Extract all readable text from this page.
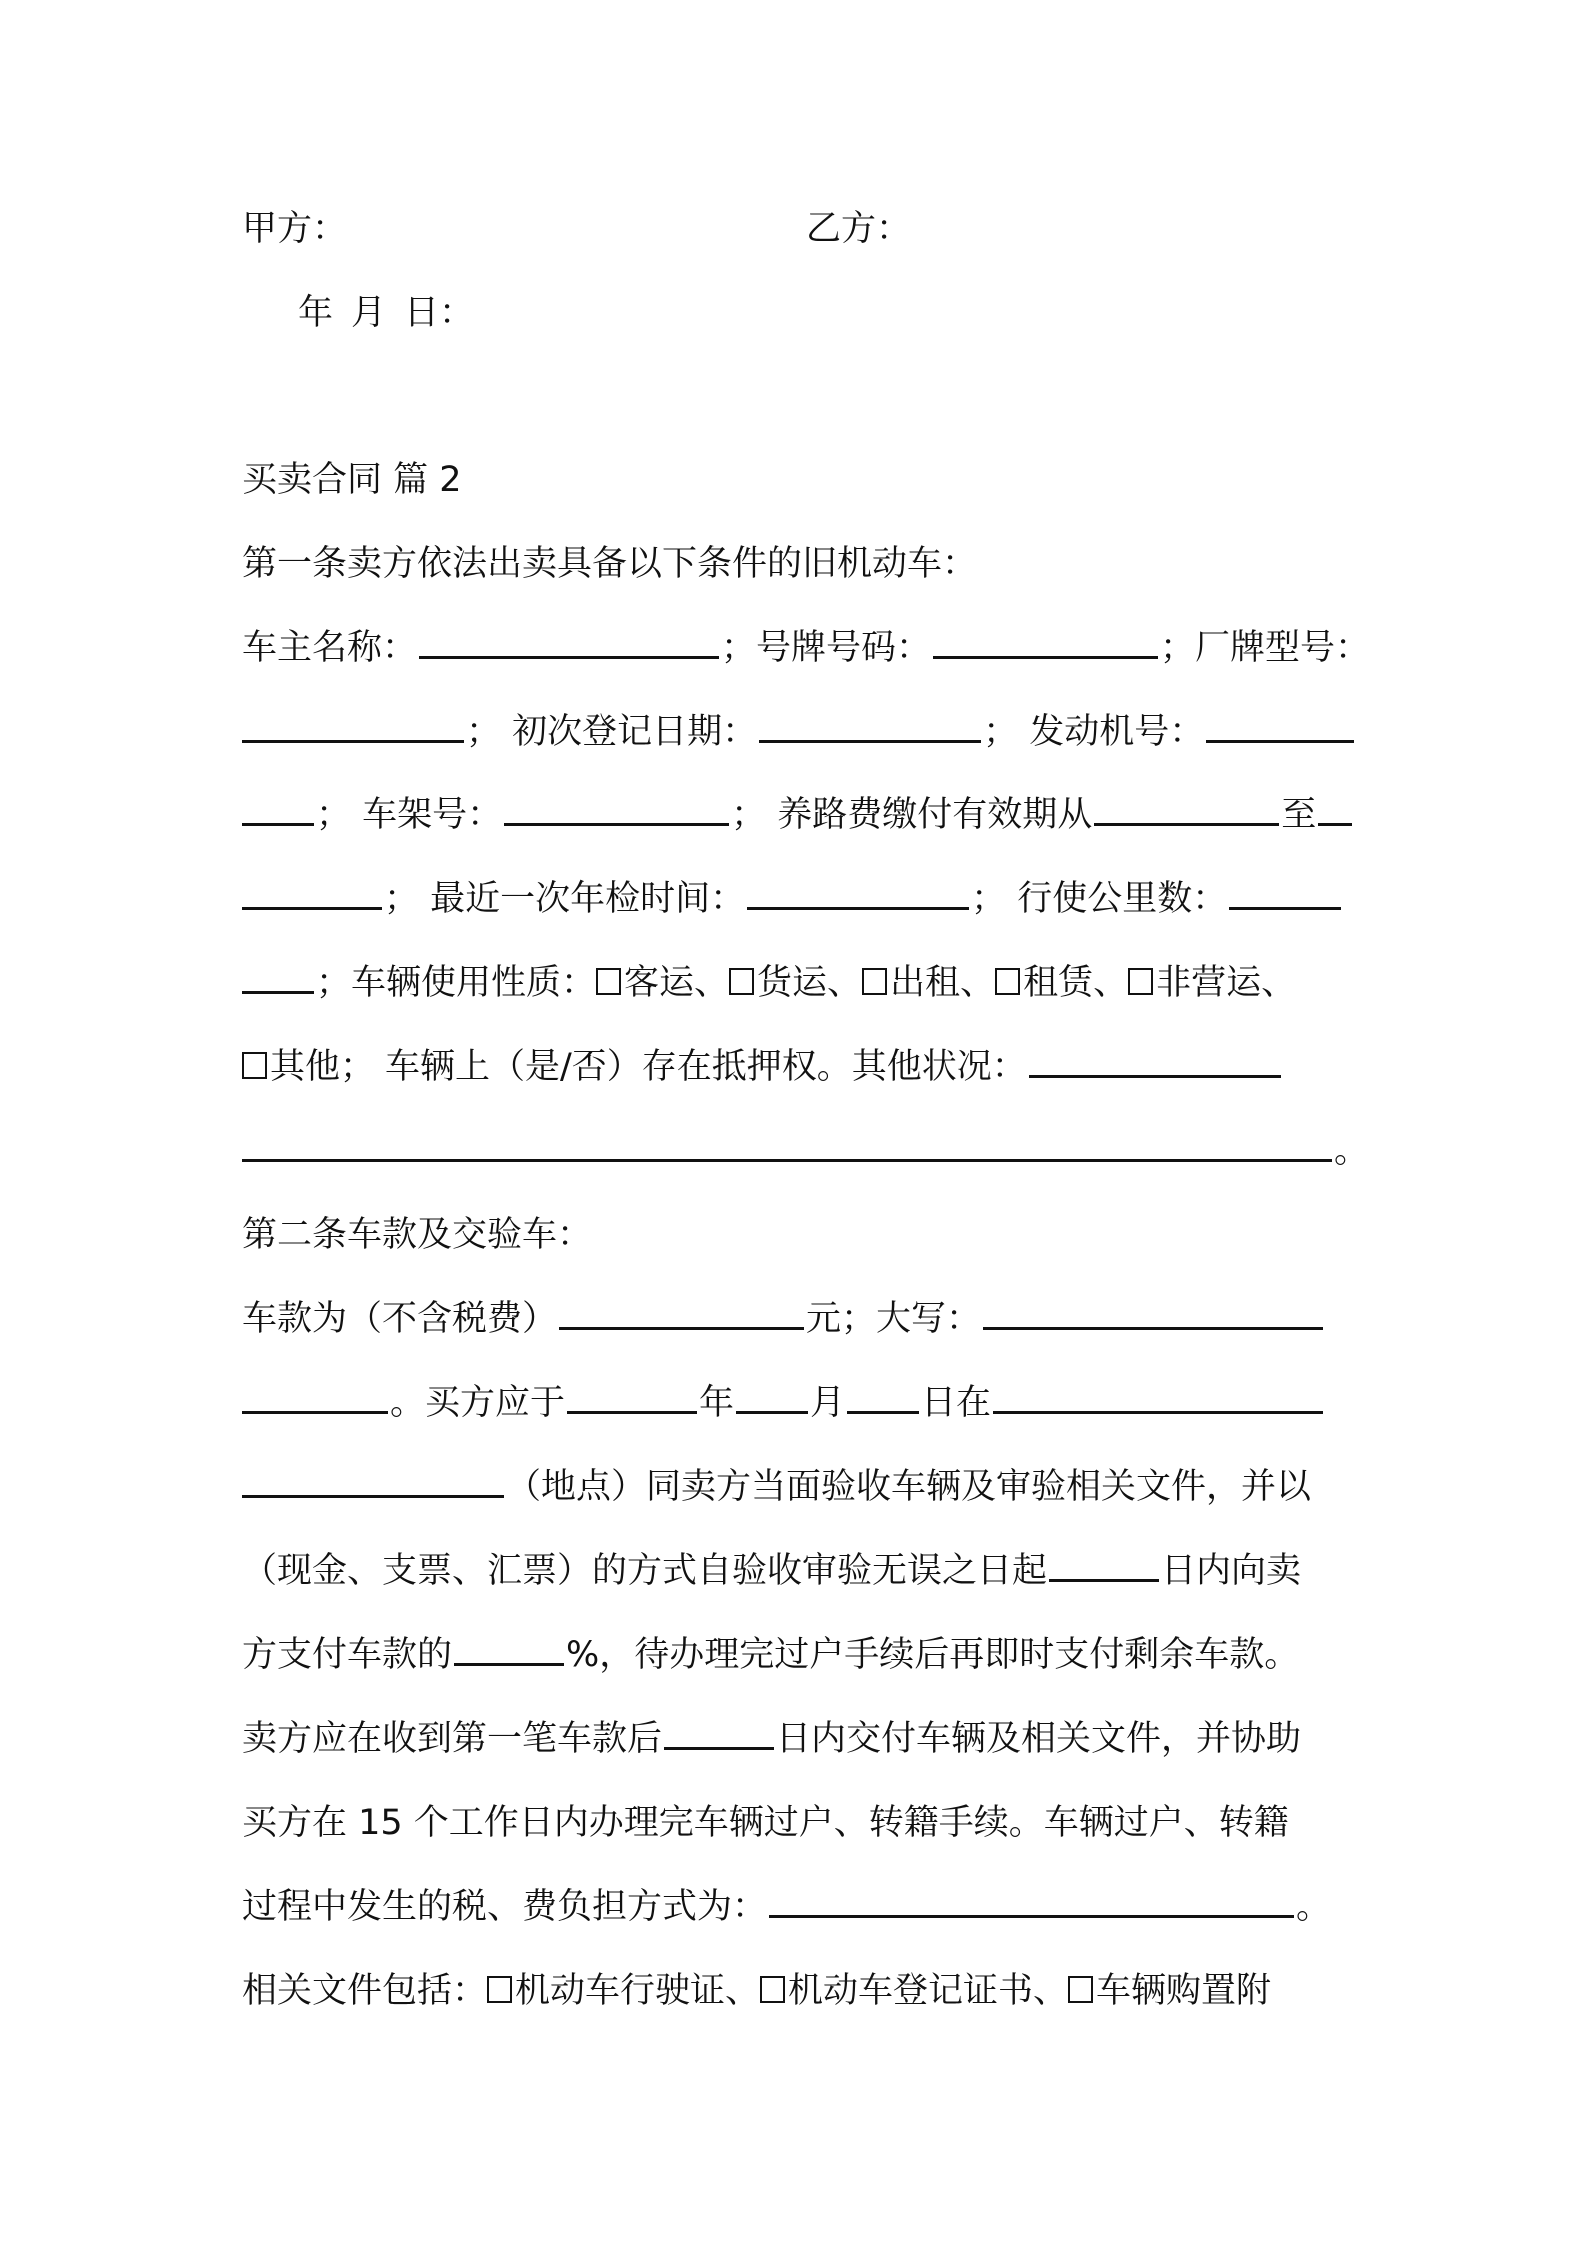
甲方：	乙方：
年 月 日：
买卖合同 篇 2
第一条卖方依法出卖具备以下条件的旧机动车：
车主名称：	；号牌号码：	；厂牌型号：
； 初次登记日期：	； 发动机号：
； 车架号：	； 养路费缴付有效期从	至
； 最近一次年检时间：	； 行使公里数：
；车辆使用性质： 客运、 货运、 出租、 租赁、 非营运、
其他； 车辆上（是/否）存在抵押权。其他状况：
。
第二条车款及交验车：
车款为（不含税费）	元；大写：
。买方应于	年 月 日在
（地点）同卖方当面验收车辆及审验相关文件，并以
（现金、支票、汇票）的方式自验收审验无误之日起	日内向卖
方支付车款的	%，待办理完过户手续后再即时支付剩余车款。
卖方应在收到第一笔车款后	日内交付车辆及相关文件，并协助
买方在 15 个工作日内办理完车辆过户、转籍手续。车辆过户、转籍
过程中发生的税、费负担方式为：	。
相关文件包括： 机动车行驶证、 机动车登记证书、 车辆购置附
